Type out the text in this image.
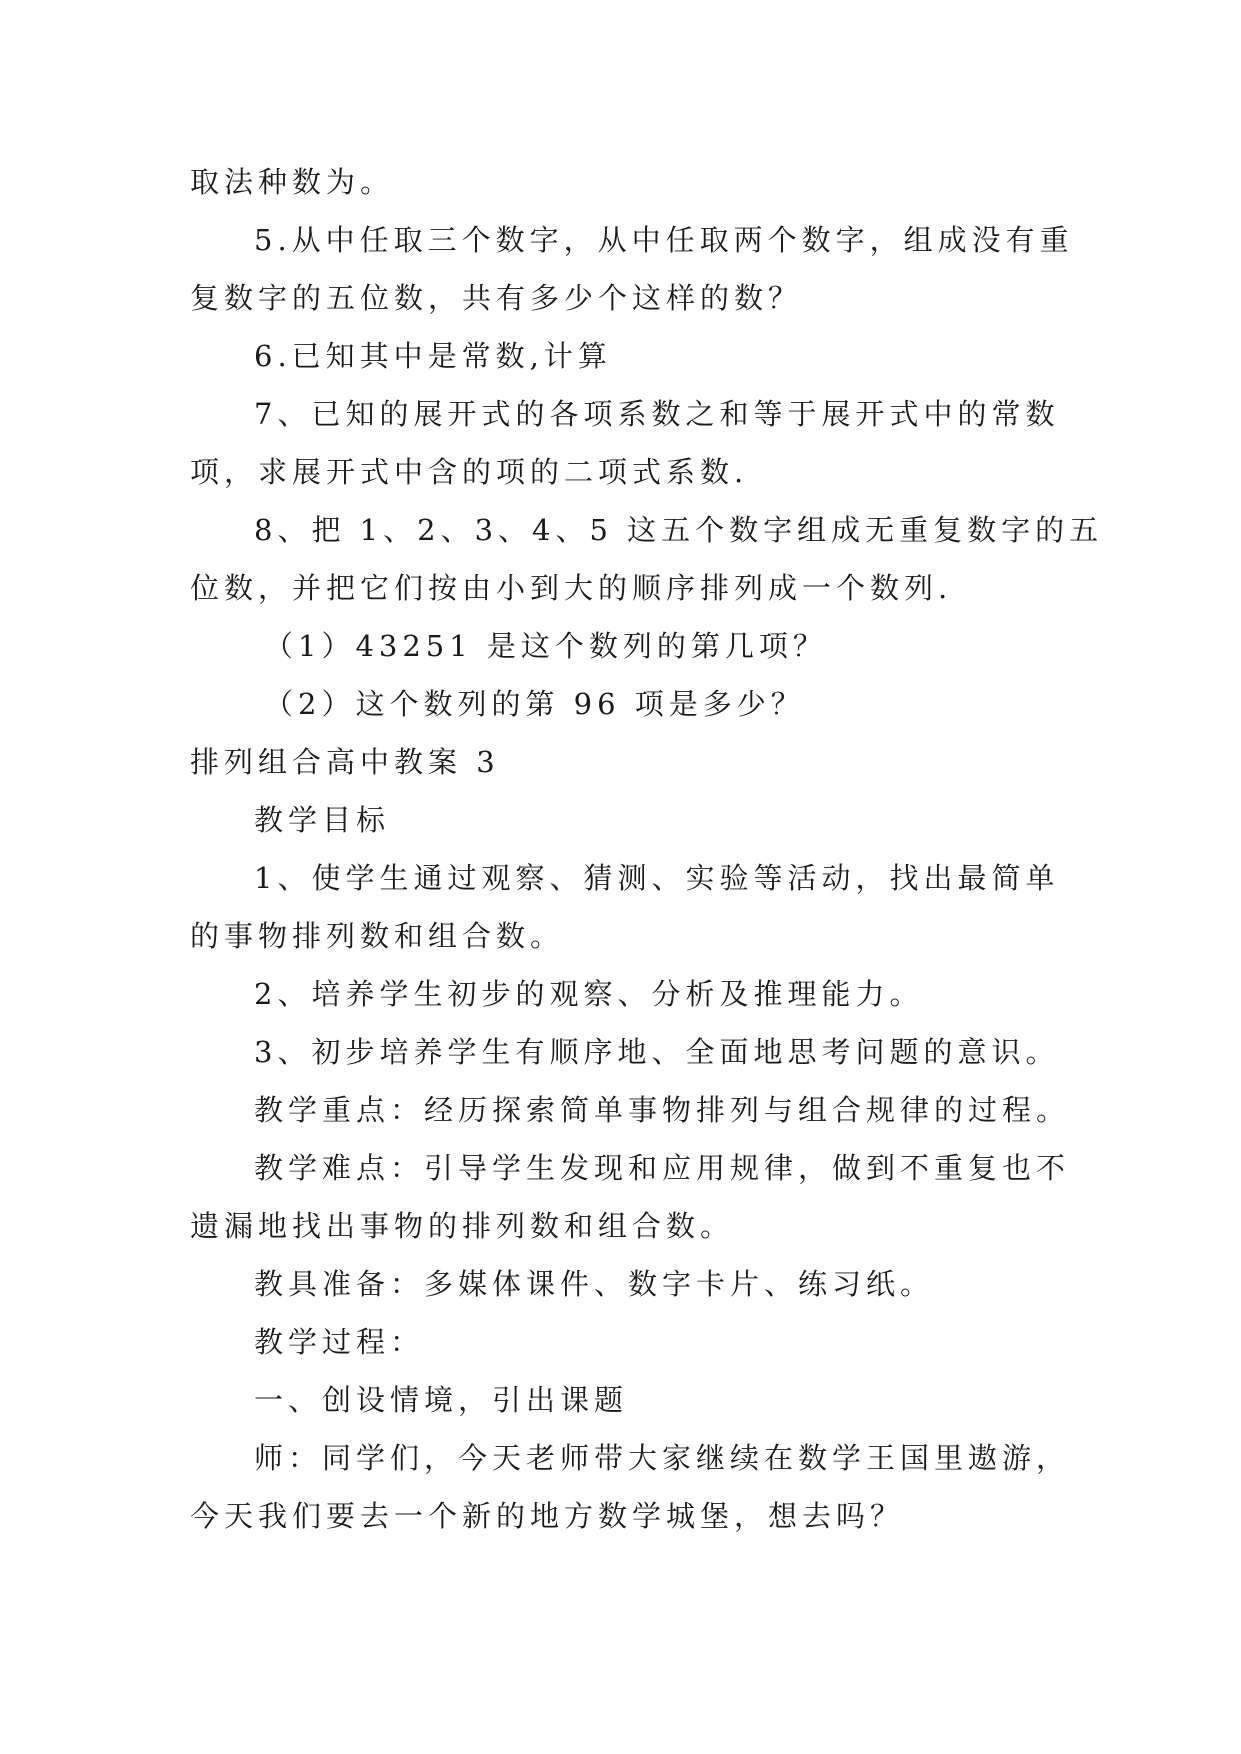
取法种数为。
5.从中任取三个数字，从中任取两个数字，组成没有重
复数字的五位数，共有多少个这样的数？
6.已知其中是常数,计算
7、已知的展开式的各项系数之和等于展开式中的常数
项，求展开式中含的项的二项式系数.
8、把 1、2、3、4、5 这五个数字组成无重复数字的五
位数，并把它们按由小到大的顺序排列成一个数列.
（1）43251 是这个数列的第几项？
（2）这个数列的第 96 项是多少？
排列组合高中教案 3
教学目标
1、使学生通过观察、猜测、实验等活动，找出最简单
的事物排列数和组合数。
2、培养学生初步的观察、分析及推理能力。
3、初步培养学生有顺序地、全面地思考问题的意识。
教学重点：经历探索简单事物排列与组合规律的过程。
教学难点：引导学生发现和应用规律，做到不重复也不
遗漏地找出事物的排列数和组合数。
教具准备：多媒体课件、数字卡片、练习纸。
教学过程：
一、创设情境，引出课题
师：同学们，今天老师带大家继续在数学王国里遨游，
今天我们要去一个新的地方数学城堡，想去吗？
